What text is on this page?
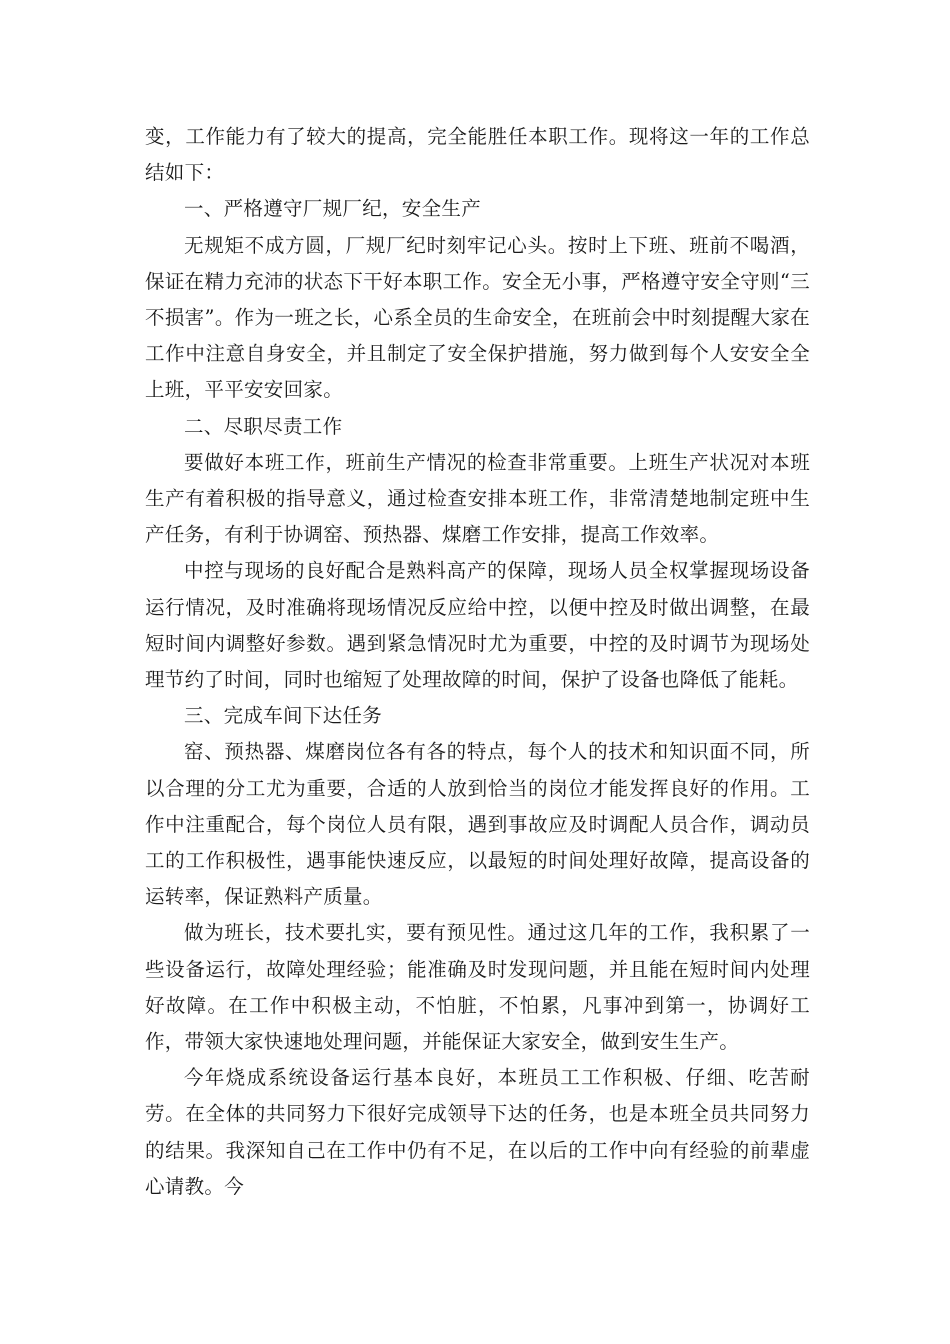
变，工作能力有了较大的提高，完全能胜任本职工作。现将这一年的工作总结如下：

一、严格遵守厂规厂纪，安全生产

无规矩不成方圆，厂规厂纪时刻牢记心头。按时上下班、班前不喝酒，保证在精力充沛的状态下干好本职工作。安全无小事，严格遵守安全守则“三不损害”。作为一班之长，心系全员的生命安全，在班前会中时刻提醒大家在工作中注意自身安全，并且制定了安全保护措施，努力做到每个人安安全全上班，平平安安回家。

二、尽职尽责工作

要做好本班工作，班前生产情况的检查非常重要。上班生产状况对本班生产有着积极的指导意义，通过检查安排本班工作，非常清楚地制定班中生产任务，有利于协调窑、预热器、煤磨工作安排，提高工作效率。

中控与现场的良好配合是熟料高产的保障，现场人员全权掌握现场设备运行情况，及时准确将现场情况反应给中控，以便中控及时做出调整，在最短时间内调整好参数。遇到紧急情况时尤为重要，中控的及时调节为现场处理节约了时间，同时也缩短了处理故障的时间，保护了设备也降低了能耗。

三、完成车间下达任务

窑、预热器、煤磨岗位各有各的特点，每个人的技术和知识面不同，所以合理的分工尤为重要，合适的人放到恰当的岗位才能发挥良好的作用。工作中注重配合，每个岗位人员有限，遇到事故应及时调配人员合作，调动员工的工作积极性，遇事能快速反应，以最短的时间处理好故障，提高设备的运转率，保证熟料产质量。

做为班长，技术要扎实，要有预见性。通过这几年的工作，我积累了一些设备运行，故障处理经验；能准确及时发现问题，并且能在短时间内处理好故障。在工作中积极主动，不怕脏，不怕累，凡事冲到第一，协调好工作，带领大家快速地处理问题，并能保证大家安全，做到安生生产。

今年烧成系统设备运行基本良好，本班员工工作积极、仔细、吃苦耐劳。在全体的共同努力下很好完成领导下达的任务，也是本班全员共同努力的结果。我深知自己在工作中仍有不足，在以后的工作中向有经验的前辈虚心请教。今
